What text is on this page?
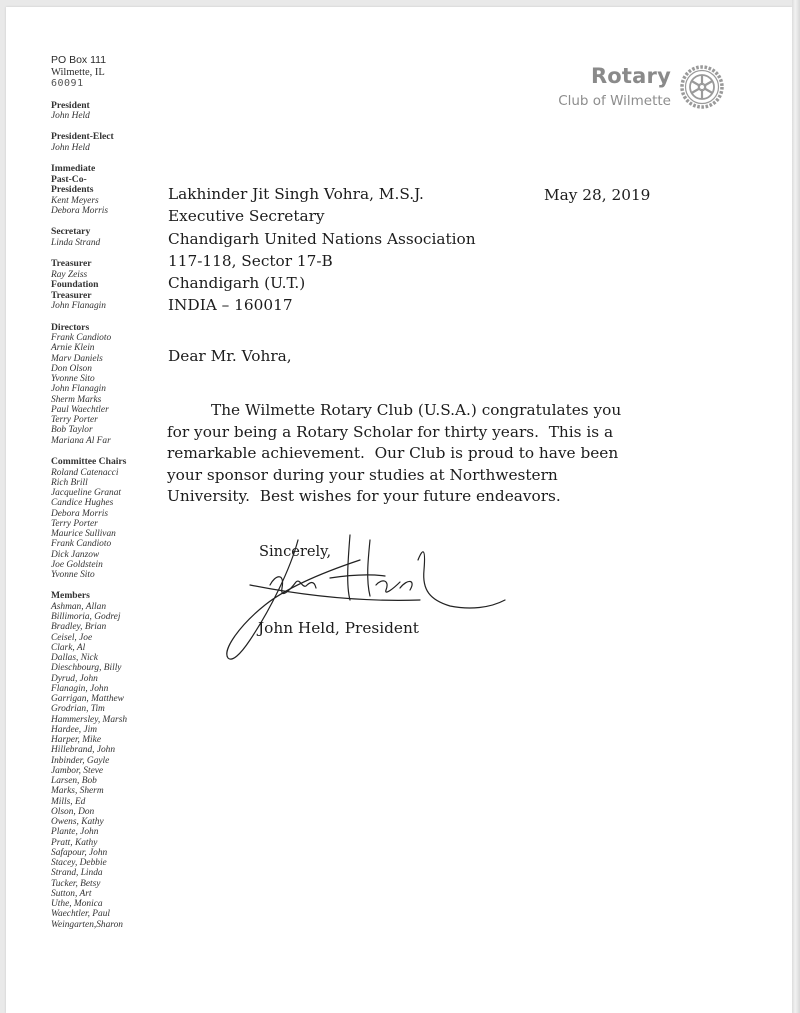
PO Box 111
Wilmette, IL
60091
President
John Held
President-Elect
John Held
Immediate
Past-Co-
Presidents
Kent Meyers
Debora Morris
Secretary
Linda Strand
Treasurer
Ray Zeiss
Foundation
Treasurer
John Flanagin
Directors
Frank Candioto
Arnie Klein
Marv Daniels
Don Olson
Yvonne Sito
John Flanagin
Sherm Marks
Paul Waechtler
Terry Porter
Bob Taylor
Mariana Al Far
Committee Chairs
Roland Catenacci
Rich Brill
Jacqueline Granat
Candice Hughes
Debora Morris
Terry Porter
Maurice Sullivan
Frank Candioto
Dick Janzow
Joe Goldstein
Yvonne Sito
Members
Ashman, Allan
Billimoria, Godrej
Bradley, Brian
Ceisel, Joe
Clark, Al
Dallas, Nick
Dieschbourg, Billy
Dyrud, John
Flanagin, John
Garrigan, Matthew
Grodrian, Tim
Hammersley, Marsh
Hardee, Jim
Harper, Mike
Hillebrand, John
Inbinder, Gayle
Jambor, Steve
Larsen, Bob
Marks, Sherm
Mills, Ed
Olson, Don
Owens, Kathy
Plante, John
Pratt, Kathy
Safapour, John
Stacey, Debbie
Strand, Linda
Tucker, Betsy
Sutton, Art
Uthe, Monica
Waechtler, Paul
Weingarten,Sharon
Rotary
Club of Wilmette
May 28, 2019
Lakhinder Jit Singh Vohra, M.S.J.
Executive Secretary
Chandigarh United Nations Association
117-118, Sector 17-B
Chandigarh (U.T.)
INDIA – 160017
Dear Mr. Vohra,
The Wilmette Rotary Club (U.S.A.) congratulates you
for your being a Rotary Scholar for thirty years.  This is a
remarkable achievement.  Our Club is proud to have been
your sponsor during your studies at Northwestern
University.  Best wishes for your future endeavors.
Sincerely,
John Held, President
